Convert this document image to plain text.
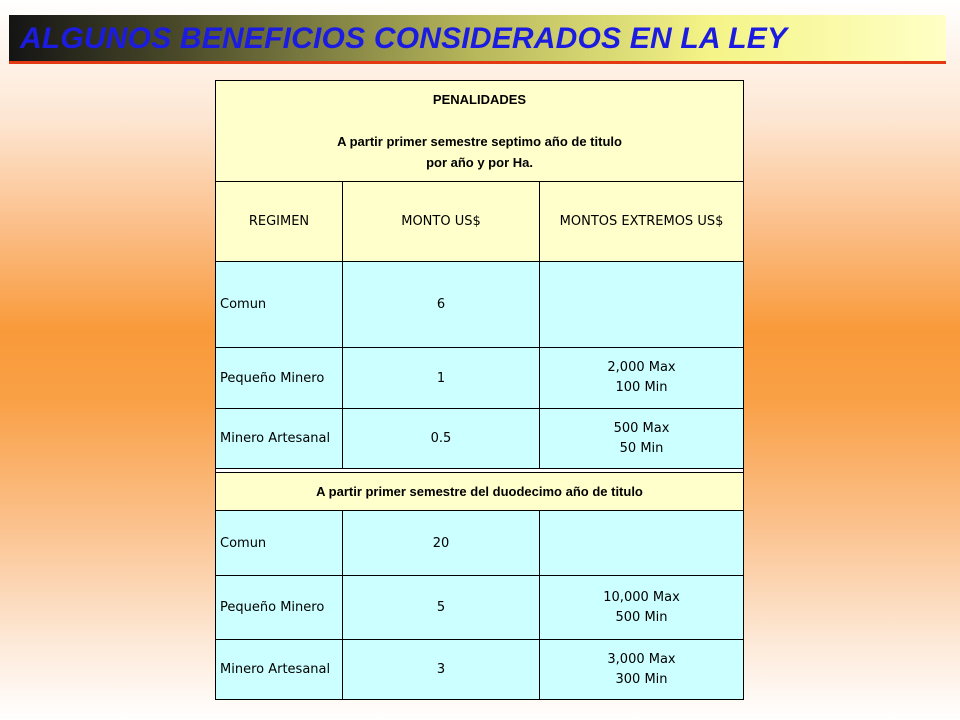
ALGUNOS BENEFICIOS CONSIDERADOS EN LA LEY
PENALIDADES
A partir primer semestre septimo año de titulo
por año y por Ha.		

REGIMEN	MONTO US$	MONTOS EXTREMOS US$
Comun	6	

Pequeño Minero	1	2,000 Max
100 Min

Minero Artesanal	0.5	500 Max
50 Min

A partir primer semestre del duodecimo año de titulo		
Comun	20	

Pequeño Minero	5	10,000 Max
500 Min

Minero Artesanal	3	3,000 Max
300 Min
